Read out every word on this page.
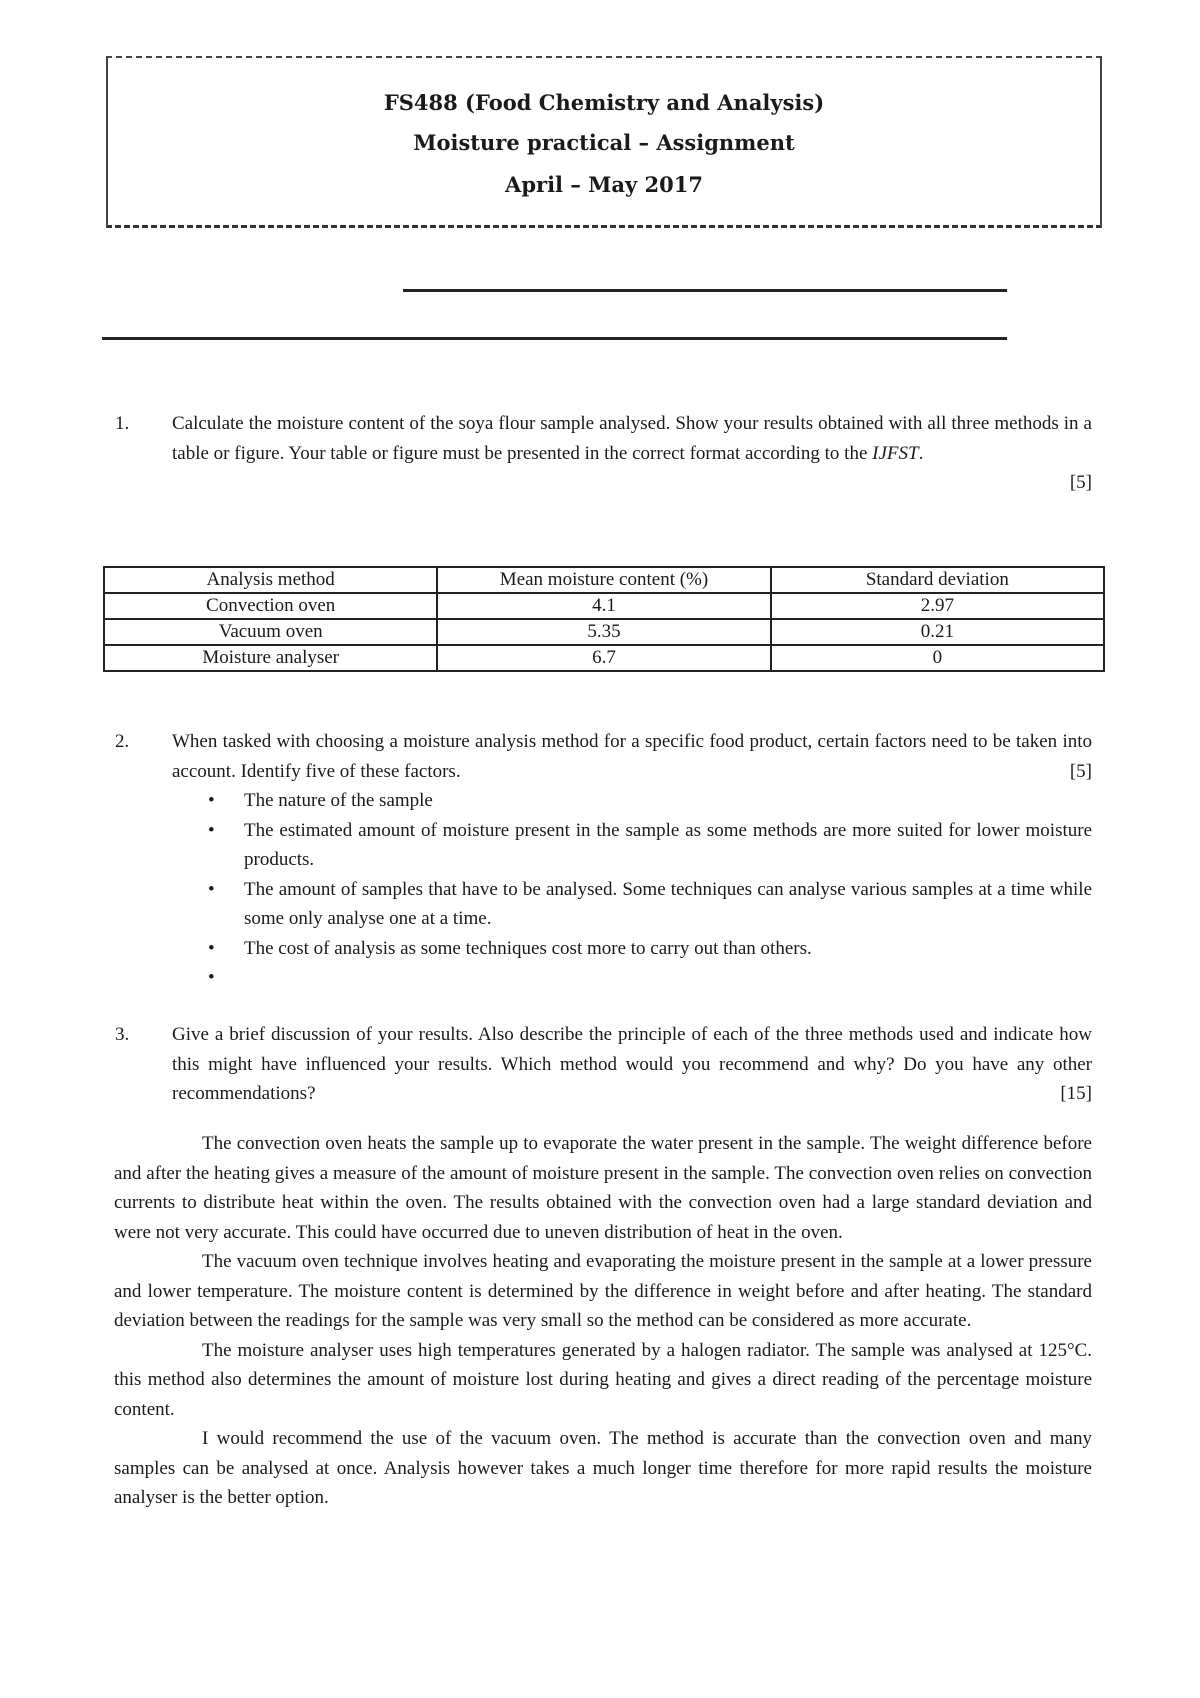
FS488 (Food Chemistry and Analysis)
Moisture practical – Assignment
April – May 2017
1. Calculate the moisture content of the soya flour sample analysed. Show your results obtained with all three methods in a table or figure. Your table or figure must be presented in the correct format according to the IJFST.
[5]
Analysis method	Mean moisture content (%)	Standard deviation
Convection oven	4.1	2.97
Vacuum oven	5.35	0.21
Moisture analyser	6.7	0
2. When tasked with choosing a moisture analysis method for a specific food product, certain factors need to be taken into account. Identify five of these factors.	[5]
• The nature of the sample
• The estimated amount of moisture present in the sample as some methods are more suited for lower moisture products.
• The amount of samples that have to be analysed. Some techniques can analyse various samples at a time while some only analyse one at a time.
• The cost of analysis as some techniques cost more to carry out than others.
•
3. Give a brief discussion of your results. Also describe the principle of each of the three methods used and indicate how this might have influenced your results. Which method would you recommend and why? Do you have any other recommendations?	[15]

The convection oven heats the sample up to evaporate the water present in the sample. The weight difference before and after the heating gives a measure of the amount of moisture present in the sample. The convection oven relies on convection currents to distribute heat within the oven. The results obtained with the convection oven had a large standard deviation and were not very accurate. This could have occurred due to uneven distribution of heat in the oven.

The vacuum oven technique involves heating and evaporating the moisture present in the sample at a lower pressure and lower temperature. The moisture content is determined by the difference in weight before and after heating. The standard deviation between the readings for the sample was very small so the method can be considered as more accurate.

The moisture analyser uses high temperatures generated by a halogen radiator. The sample was analysed at 125°C. this method also determines the amount of moisture lost during heating and gives a direct reading of the percentage moisture content.

I would recommend the use of the vacuum oven. The method is accurate than the convection oven and many samples can be analysed at once. Analysis however takes a much longer time therefore for more rapid results the moisture analyser is the better option.
